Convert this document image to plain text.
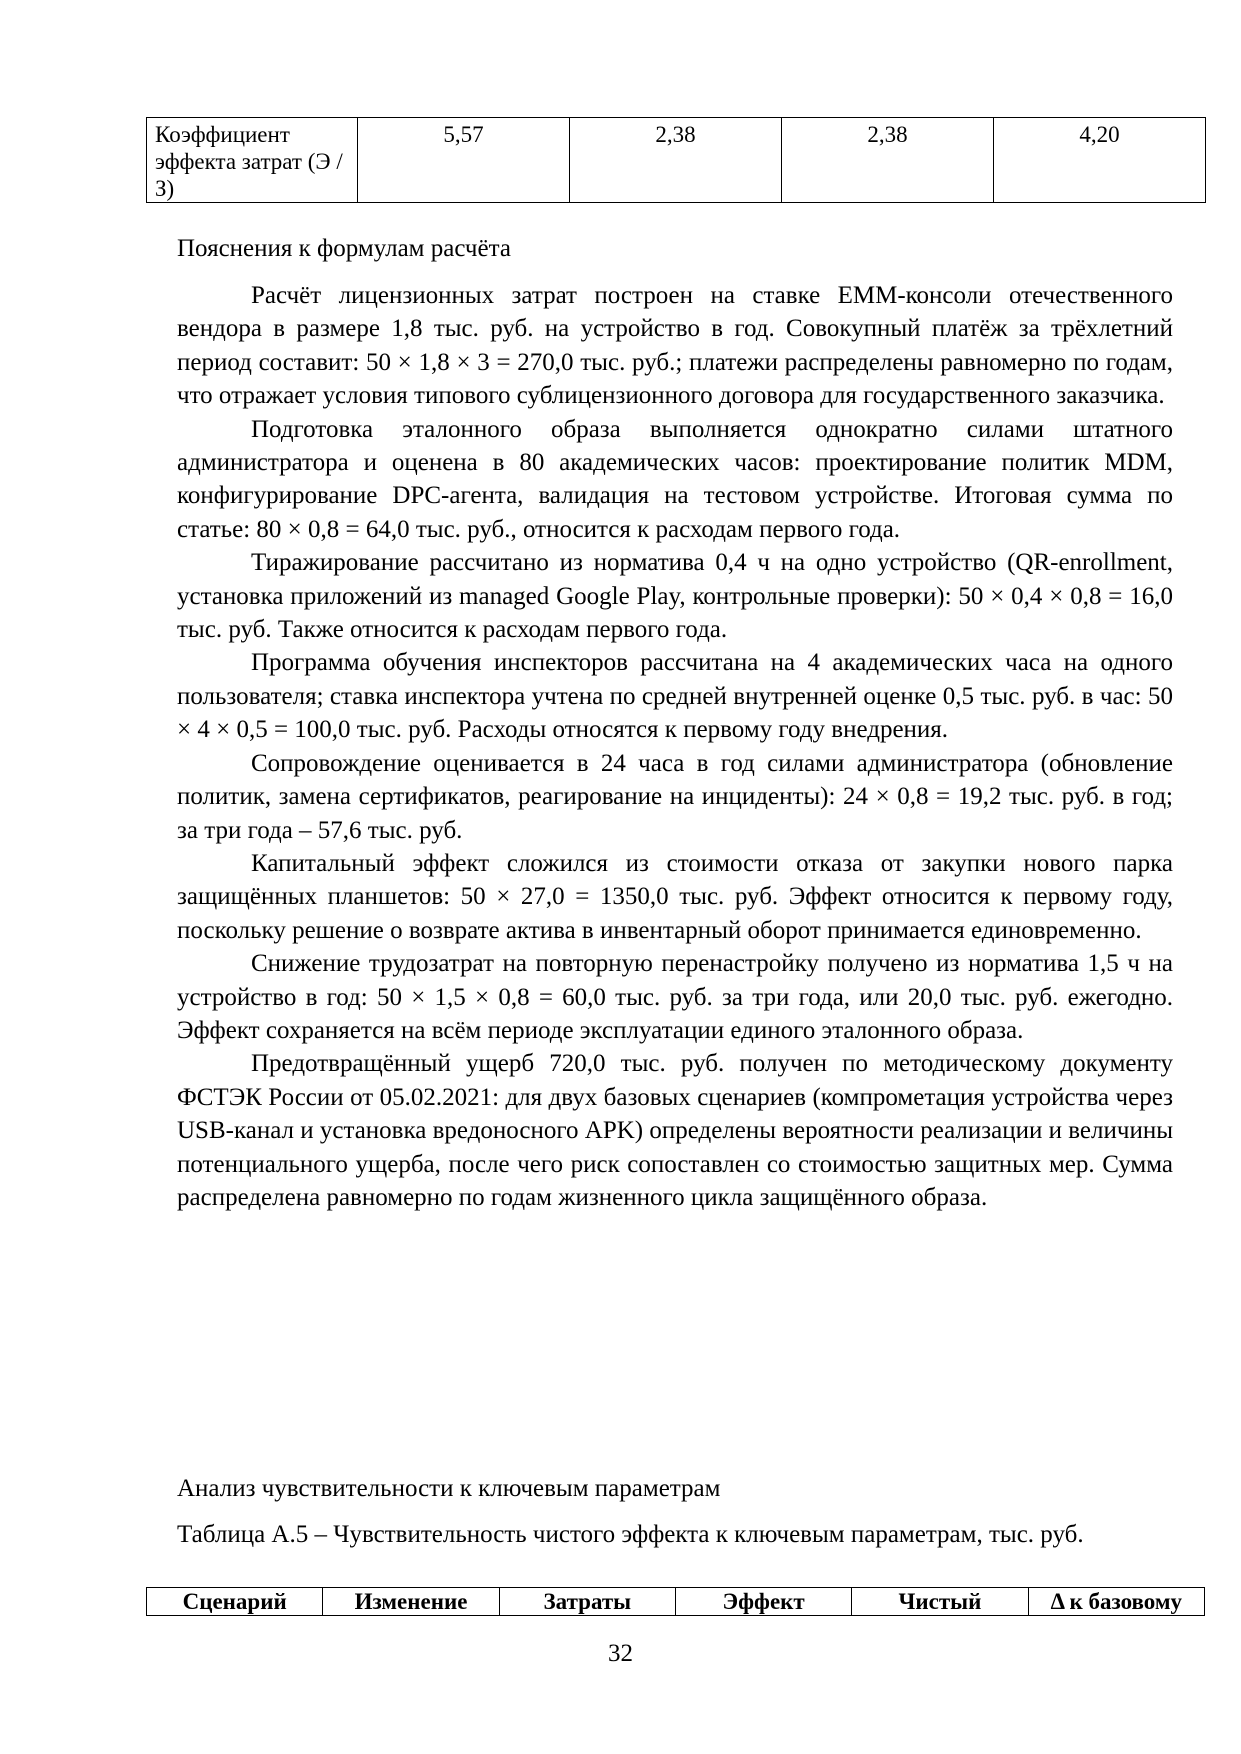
Коэффициент эффекта затрат (Э / З)	5,57	2,38	2,38	4,20

Пояснения к формулам расчёта

Расчёт лицензионных затрат построен на ставке EMM-консоли отечественного вендора в размере 1,8 тыс. руб. на устройство в год. Совокупный платёж за трёхлетний период составит: 50 × 1,8 × 3 = 270,0 тыс. руб.; платежи распределены равномерно по годам, что отражает условия типового сублицензионного договора для государственного заказчика.

Подготовка эталонного образа выполняется однократно силами штатного администратора и оценена в 80 академических часов: проектирование политик MDM, конфигурирование DPC-агента, валидация на тестовом устройстве. Итоговая сумма по статье: 80 × 0,8 = 64,0 тыс. руб., относится к расходам первого года.

Тиражирование рассчитано из норматива 0,4 ч на одно устройство (QR-enrollment, установка приложений из managed Google Play, контрольные проверки): 50 × 0,4 × 0,8 = 16,0 тыс. руб. Также относится к расходам первого года.

Программа обучения инспекторов рассчитана на 4 академических часа на одного пользователя; ставка инспектора учтена по средней внутренней оценке 0,5 тыс. руб. в час: 50 × 4 × 0,5 = 100,0 тыс. руб. Расходы относятся к первому году внедрения.

Сопровождение оценивается в 24 часа в год силами администратора (обновление политик, замена сертификатов, реагирование на инциденты): 24 × 0,8 = 19,2 тыс. руб. в год; за три года – 57,6 тыс. руб.

Капитальный эффект сложился из стоимости отказа от закупки нового парка защищённых планшетов: 50 × 27,0 = 1350,0 тыс. руб. Эффект относится к первому году, поскольку решение о возврате актива в инвентарный оборот принимается единовременно.

Снижение трудозатрат на повторную перенастройку получено из норматива 1,5 ч на устройство в год: 50 × 1,5 × 0,8 = 60,0 тыс. руб. за три года, или 20,0 тыс. руб. ежегодно. Эффект сохраняется на всём периоде эксплуатации единого эталонного образа.

Предотвращённый ущерб 720,0 тыс. руб. получен по методическому документу ФСТЭК России от 05.02.2021: для двух базовых сценариев (компрометация устройства через USB-канал и установка вредоносного APK) определены вероятности реализации и величины потенциального ущерба, после чего риск сопоставлен со стоимостью защитных мер. Сумма распределена равномерно по годам жизненного цикла защищённого образа.

Анализ чувствительности к ключевым параметрам

Таблица А.5 – Чувствительность чистого эффекта к ключевым параметрам, тыс. руб.

Сценарий	Изменение	Затраты	Эффект	Чистый	Δ к базовому
32
